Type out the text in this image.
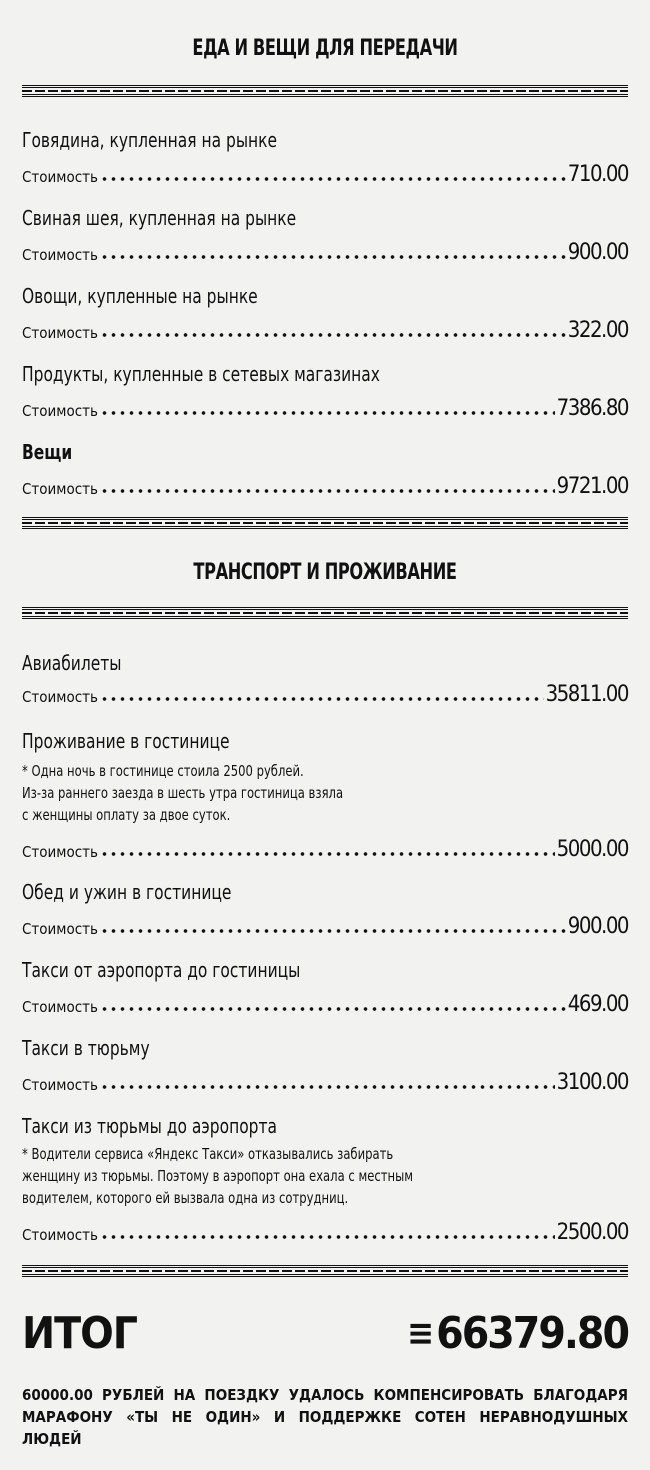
ЕДА И ВЕЩИ ДЛЯ ПЕРЕДАЧИ
Говядина, купленная на рынке
Стоимость	710.00
Свиная шея, купленная на рынке
Стоимость	900.00
Овощи, купленные на рынке
Стоимость	322.00
Продукты, купленные в сетевых магазинах
Стоимость	7386.80
Вещи
Стоимость	9721.00
ТРАНСПОРТ И ПРОЖИВАНИЕ
Авиабилеты
Стоимость	35811.00
Проживание в гостинице
* Одна ночь в гостинице стоила 2500 рублей.
Из-за раннего заезда в шесть утра гостиница взяла
с женщины оплату за двое суток.
Стоимость	5000.00
Обед и ужин в гостинице
Стоимость	900.00
Такси от аэропорта до гостиницы
Стоимость	469.00
Такси в тюрьму
Стоимость	3100.00
Такси из тюрьмы до аэропорта
* Водители сервиса «Яндекс Такси» отказывались забирать
женщину из тюрьмы. Поэтому в аэропорт она ехала с местным
водителем, которого ей вызвала одна из сотрудниц.
Стоимость	2500.00
ИТОГ	≡ 66379.80
60000.00 РУБЛЕЙ НА ПОЕЗДКУ УДАЛОСЬ КОМПЕНСИРОВАТЬ БЛАГОДАРЯ МАРАФОНУ «ТЫ НЕ ОДИН» И ПОДДЕРЖКЕ СОТЕН НЕРАВНОДУШНЫХ ЛЮДЕЙ
